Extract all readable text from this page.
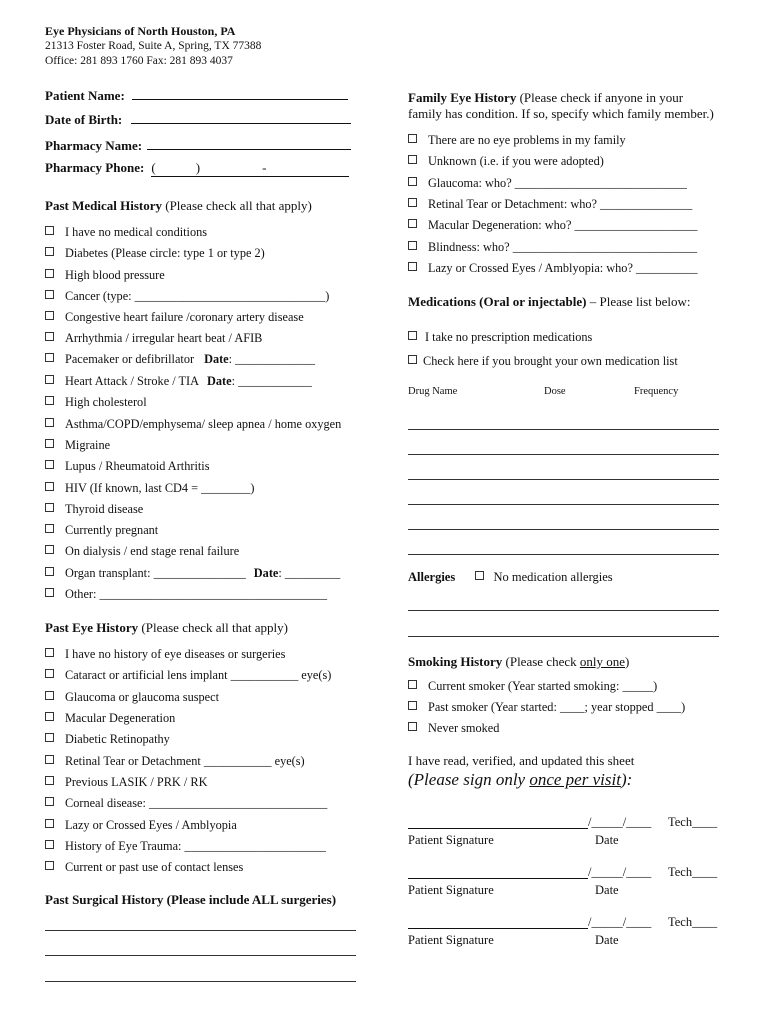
Eye Physicians of North Houston, PA
21313 Foster Road, Suite A, Spring, TX 77388
Office: 281 893 1760 Fax: 281 893 4037
Patient Name:
Date of Birth:
Pharmacy Name:
Pharmacy Phone: (	)	-
Past Medical History (Please check all that apply)
I have no medical conditions
Diabetes (Please circle: type 1 or type 2)
High blood pressure
Cancer (type: _______________________________)
Congestive heart failure /coronary artery disease
Arrhythmia / irregular heart beat / AFIB
Pacemaker or defibrillator Date: _____________
Heart Attack / Stroke / TIA Date: ____________
High cholesterol
Asthma/COPD/emphysema/ sleep apnea / home oxygen
Migraine
Lupus / Rheumatoid Arthritis
HIV (If known, last CD4 = ________)
Thyroid disease
Currently pregnant
On dialysis / end stage renal failure
Organ transplant: _______________ Date: _________
Other: _____________________________________
Past Eye History (Please check all that apply)
I have no history of eye diseases or surgeries
Cataract or artificial lens implant ___________ eye(s)
Glaucoma or glaucoma suspect
Macular Degeneration
Diabetic Retinopathy
Retinal Tear or Detachment ___________ eye(s)
Previous LASIK / PRK / RK
Corneal disease: _____________________________
Lazy or Crossed Eyes / Amblyopia
History of Eye Trauma: _______________________
Current or past use of contact lenses
Past Surgical History (Please include ALL surgeries)
Family Eye History (Please check if anyone in your
family has condition. If so, specify which family member.)
There are no eye problems in my family
Unknown (i.e. if you were adopted)
Glaucoma: who? ____________________________
Retinal Tear or Detachment: who? _______________
Macular Degeneration: who? ____________________
Blindness: who? ______________________________
Lazy or Crossed Eyes / Amblyopia: who? __________
Medications (Oral or injectable) – Please list below:
I take no prescription medications
Check here if you brought your own medication list
Drug Name	Dose	Frequency
Allergies	No medication allergies
Smoking History (Please check only one)
Current smoker (Year started smoking: _____)
Past smoker (Year started: ____; year stopped ____)
Never smoked
I have read, verified, and updated this sheet
(Please sign only once per visit):
/_____/____ Tech____
Patient Signature	Date
/_____/____ Tech____
Patient Signature	Date
/_____/____ Tech____
Patient Signature	Date
